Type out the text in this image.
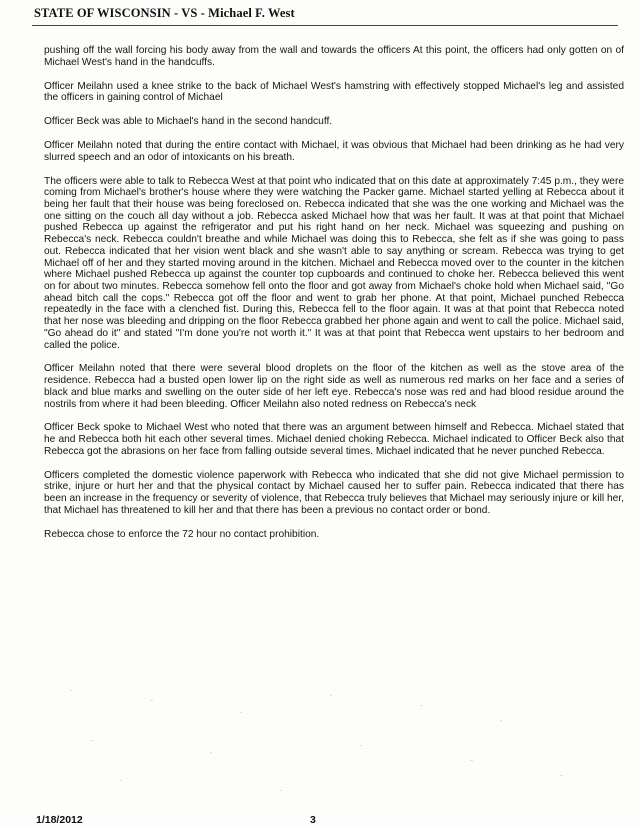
STATE OF WISCONSIN - VS - Michael F. West

pushing off the wall forcing his body away from the wall and towards the officers At this point, the officers had only gotten on of Michael West's hand in the handcuffs.

Officer Meilahn used a knee strike to the back of Michael West's hamstring with effectively stopped Michael's leg and assisted the officers in gaining control of Michael

Officer Beck was able to Michael's hand in the second handcuff.

Officer Meilahn noted that during the entire contact with Michael, it was obvious that Michael had been drinking as he had very slurred speech and an odor of intoxicants on his breath.

The officers were able to talk to Rebecca West at that point who indicated that on this date at approximately 7:45 p.m., they were coming from Michael's brother's house where they were watching the Packer game. Michael started yelling at Rebecca about it being her fault that their house was being foreclosed on. Rebecca indicated that she was the one working and Michael was the one sitting on the couch all day without a job. Rebecca asked Michael how that was her fault. It was at that point that Michael pushed Rebecca up against the refrigerator and put his right hand on her neck. Michael was squeezing and pushing on Rebecca's neck. Rebecca couldn't breathe and while Michael was doing this to Rebecca, she felt as if she was going to pass out. Rebecca indicated that her vision went black and she wasn't able to say anything or scream. Rebecca was trying to get Michael off of her and they started moving around in the kitchen. Michael and Rebecca moved over to the counter in the kitchen where Michael pushed Rebecca up against the counter top cupboards and continued to choke her. Rebecca believed this went on for about two minutes. Rebecca somehow fell onto the floor and got away from Michael's choke hold when Michael said, "Go ahead bitch call the cops." Rebecca got off the floor and went to grab her phone. At that point, Michael punched Rebecca repeatedly in the face with a clenched fist. During this, Rebecca fell to the floor again. It was at that point that Rebecca noted that her nose was bleeding and dripping on the floor Rebecca grabbed her phone again and went to call the police. Michael said, "Go ahead do it" and stated "I'm done you're not worth it." It was at that point that Rebecca went upstairs to her bedroom and called the police.

Officer Meilahn noted that there were several blood droplets on the floor of the kitchen as well as the stove area of the residence. Rebecca had a busted open lower lip on the right side as well as numerous red marks on her face and a series of black and blue marks and swelling on the outer side of her left eye. Rebecca's nose was red and had blood residue around the nostrils from where it had been bleeding. Officer Meilahn also noted redness on Rebecca's neck

Officer Beck spoke to Michael West who noted that there was an argument between himself and Rebecca. Michael stated that he and Rebecca both hit each other several times. Michael denied choking Rebecca. Michael indicated to Officer Beck also that Rebecca got the abrasions on her face from falling outside several times. Michael indicated that he never punched Rebecca.

Officers completed the domestic violence paperwork with Rebecca who indicated that she did not give Michael permission to strike, injure or hurt her and that the physical contact by Michael caused her to suffer pain. Rebecca indicated that there has been an increase in the frequency or severity of violence, that Rebecca truly believes that Michael may seriously injure or kill her, that Michael has threatened to kill her and that there has been a previous no contact order or bond.

Rebecca chose to enforce the 72 hour no contact prohibition.

1/18/2012	3
